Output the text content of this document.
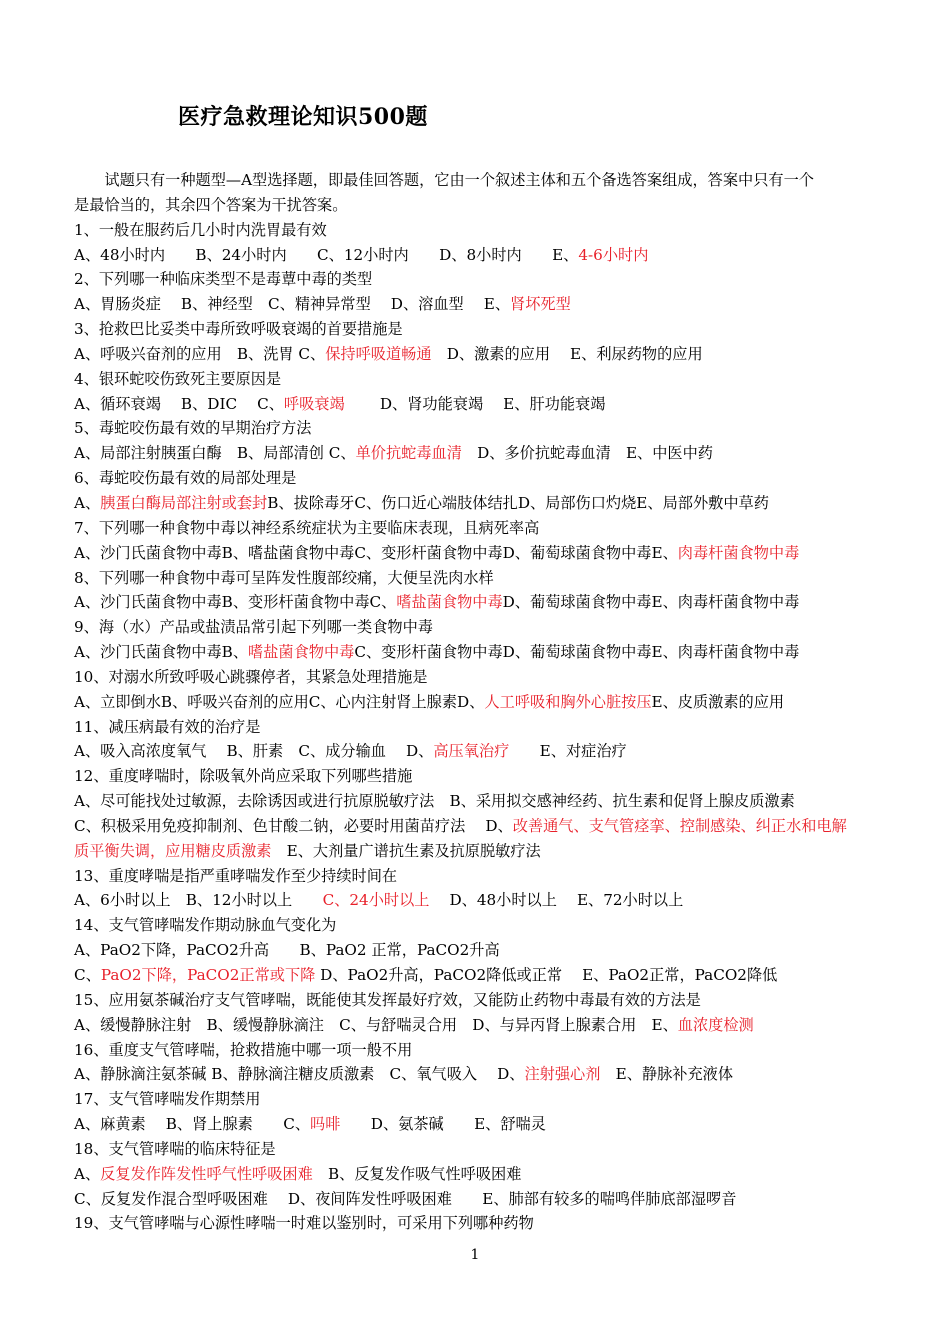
医疗急救理论知识500题
　　试题只有一种题型—A型选择题，即最佳回答题，它由一个叙述主体和五个备选答案组成，答案中只有一个
是最恰当的，其余四个答案为干扰答案。
1、一般在服药后几小时内洗胃最有效
A、48小时内　　B、24小时内　　C、12小时内　　D、8小时内　　E、4-6小时内
2、下列哪一种临床类型不是毒蕈中毒的类型
A、胃肠炎症　 B、神经型　C、精神异常型　 D、溶血型　 E、肾坏死型
3、抢救巴比妥类中毒所致呼吸衰竭的首要措施是
A、呼吸兴奋剂的应用　B、洗胃 C、保持呼吸道畅通　D、激素的应用　 E、利尿药物的应用
4、银环蛇咬伤致死主要原因是
A、循环衰竭　 B、DIC　 C、呼吸衰竭　 　D、肾功能衰竭　 E、肝功能衰竭
5、毒蛇咬伤最有效的早期治疗方法
A、局部注射胰蛋白酶　B、局部清创 C、单价抗蛇毒血清　D、多价抗蛇毒血清　E、中医中药
6、毒蛇咬伤最有效的局部处理是
A、胰蛋白酶局部注射或套封B、拔除毒牙C、伤口近心端肢体结扎D、局部伤口灼烧E、局部外敷中草药
7、下列哪一种食物中毒以神经系统症状为主要临床表现，且病死率高
A、沙门氏菌食物中毒B、嗜盐菌食物中毒C、变形杆菌食物中毒D、葡萄球菌食物中毒E、肉毒杆菌食物中毒
8、下列哪一种食物中毒可呈阵发性腹部绞痛，大便呈洗肉水样
A、沙门氏菌食物中毒B、变形杆菌食物中毒C、嗜盐菌食物中毒D、葡萄球菌食物中毒E、肉毒杆菌食物中毒
9、海（水）产品或盐渍品常引起下列哪一类食物中毒
A、沙门氏菌食物中毒B、嗜盐菌食物中毒C、变形杆菌食物中毒D、葡萄球菌食物中毒E、肉毒杆菌食物中毒
10、对溺水所致呼吸心跳骤停者，其紧急处理措施是
A、立即倒水B、呼吸兴奋剂的应用C、心内注射肾上腺素D、人工呼吸和胸外心脏按压E、皮质激素的应用
11、减压病最有效的治疗是
A、吸入高浓度氧气　 B、肝素　C、成分输血　 D、高压氧治疗　　E、对症治疗
12、重度哮喘时，除吸氧外尚应采取下列哪些措施
A、尽可能找处过敏源，去除诱因或进行抗原脱敏疗法　B、采用拟交感神经药、抗生素和促肾上腺皮质激素
C、积极采用免疫抑制剂、色甘酸二钠，必要时用菌苗疗法　 D、改善通气、支气管痉挛、控制感染、纠正水和电解
质平衡失调，应用糖皮质激素　E、大剂量广谱抗生素及抗原脱敏疗法
13、重度哮喘是指严重哮喘发作至少持续时间在
A、6小时以上　B、12小时以上　　 C、24小时以上　 D、48小时以上　 E、72小时以上
14、支气管哮喘发作期动脉血气变化为
A、PaO2下降，PaCO2升高　　B、PaO2 正常，PaCO2升高
C、PaO2下降，PaCO2正常或下降 D、PaO2升高，PaCO2降低或正常　 E、PaO2正常，PaCO2降低
15、应用氨茶碱治疗支气管哮喘，既能使其发挥最好疗效，又能防止药物中毒最有效的方法是
A、缓慢静脉注射　B、缓慢静脉滴注　C、与舒喘灵合用　D、与异丙肾上腺素合用　E、血浓度检测
16、重度支气管哮喘，抢救措施中哪一项一般不用
A、静脉滴注氨茶碱 B、静脉滴注糖皮质激素　C、氧气吸入　 D、注射强心剂　E、静脉补充液体
17、支气管哮喘发作期禁用
A、麻黄素　 B、肾上腺素　　C、吗啡　　D、氨茶碱　　E、舒喘灵
18、支气管哮喘的临床特征是
A、反复发作阵发性呼气性呼吸困难　B、反复发作吸气性呼吸困难
C、反复发作混合型呼吸困难　 D、夜间阵发性呼吸困难　　E、肺部有较多的喘鸣伴肺底部湿啰音
19、支气管哮喘与心源性哮喘一时难以鉴别时，可采用下列哪种药物
1
